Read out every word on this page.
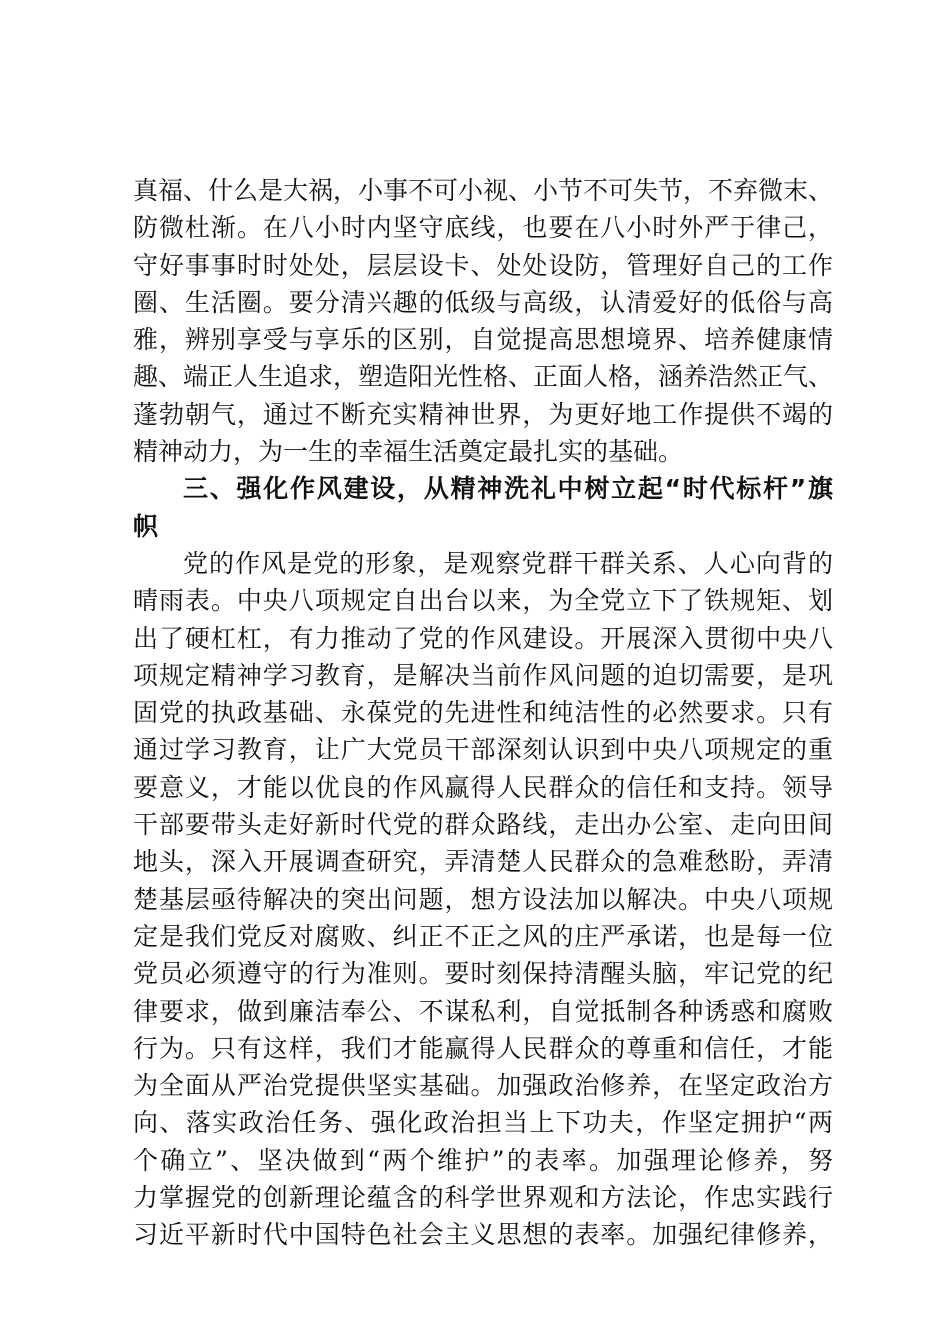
真福、什么是大祸，小事不可小视、小节不可失节，不弃微末、
防微杜渐。在八小时内坚守底线，也要在八小时外严于律己，
守好事事时时处处，层层设卡、处处设防，管理好自己的工作
圈、生活圈。要分清兴趣的低级与高级，认清爱好的低俗与高
雅，辨别享受与享乐的区别，自觉提高思想境界、培养健康情
趣、端正人生追求，塑造阳光性格、正面人格，涵养浩然正气、
蓬勃朝气，通过不断充实精神世界，为更好地工作提供不竭的
精神动力，为一生的幸福生活奠定最扎实的基础。
三、强化作风建设，从精神洗礼中树立起“时代标杆”旗
帜
党的作风是党的形象，是观察党群干群关系、人心向背的
晴雨表。中央八项规定自出台以来，为全党立下了铁规矩、划
出了硬杠杠，有力推动了党的作风建设。开展深入贯彻中央八
项规定精神学习教育，是解决当前作风问题的迫切需要，是巩
固党的执政基础、永葆党的先进性和纯洁性的必然要求。只有
通过学习教育，让广大党员干部深刻认识到中央八项规定的重
要意义，才能以优良的作风赢得人民群众的信任和支持。领导
干部要带头走好新时代党的群众路线，走出办公室、走向田间
地头，深入开展调查研究，弄清楚人民群众的急难愁盼，弄清
楚基层亟待解决的突出问题，想方设法加以解决。中央八项规
定是我们党反对腐败、纠正不正之风的庄严承诺，也是每一位
党员必须遵守的行为准则。要时刻保持清醒头脑，牢记党的纪
律要求，做到廉洁奉公、不谋私利，自觉抵制各种诱惑和腐败
行为。只有这样，我们才能赢得人民群众的尊重和信任，才能
为全面从严治党提供坚实基础。加强政治修养，在坚定政治方
向、落实政治任务、强化政治担当上下功夫，作坚定拥护“两
个确立”、坚决做到“两个维护”的表率。加强理论修养，努
力掌握党的创新理论蕴含的科学世界观和方法论，作忠实践行
习近平新时代中国特色社会主义思想的表率。加强纪律修养，
